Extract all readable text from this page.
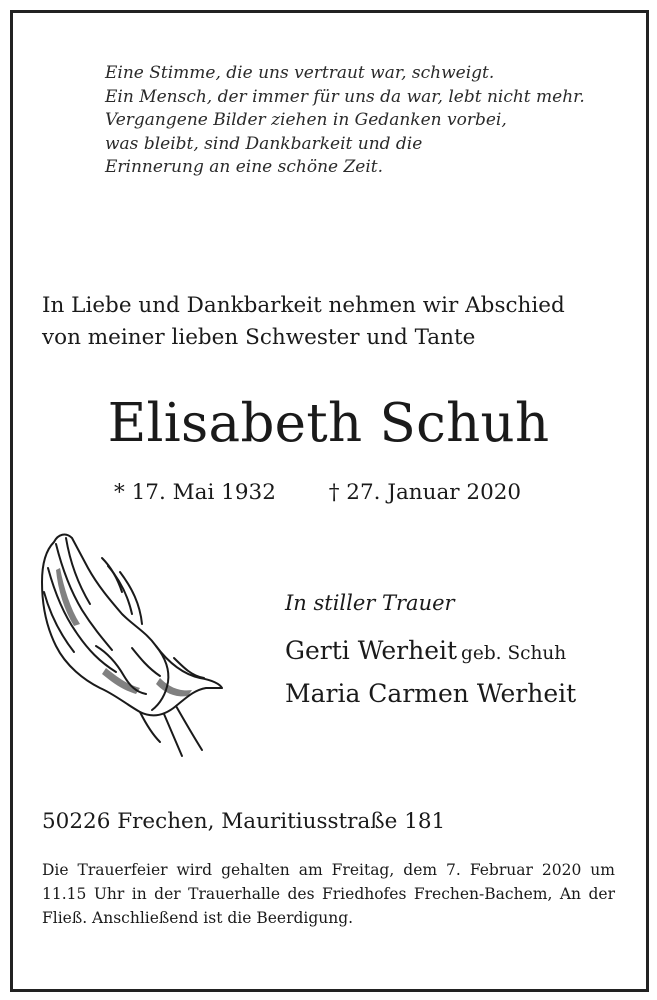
Eine Stimme, die uns vertraut war, schweigt.
Ein Mensch, der immer für uns da war, lebt nicht mehr.
Vergangene Bilder ziehen in Gedanken vorbei,
was bleibt, sind Dankbarkeit und die
Erinnerung an eine schöne Zeit.
In Liebe und Dankbarkeit nehmen wir Abschied
von meiner lieben Schwester und Tante
Elisabeth Schuh
* 17. Mai 1932 † 27. Januar 2020
In stiller Trauer
Gerti Werheit geb. Schuh
Maria Carmen Werheit
50226 Frechen, Mauritiusstraße 181
Die Trauerfeier wird gehalten am Freitag, dem 7. Februar 2020 um 11.15 Uhr in der Trauerhalle des Friedhofes Frechen-Bachem, An der Fließ. Anschließend ist die Beerdigung.
